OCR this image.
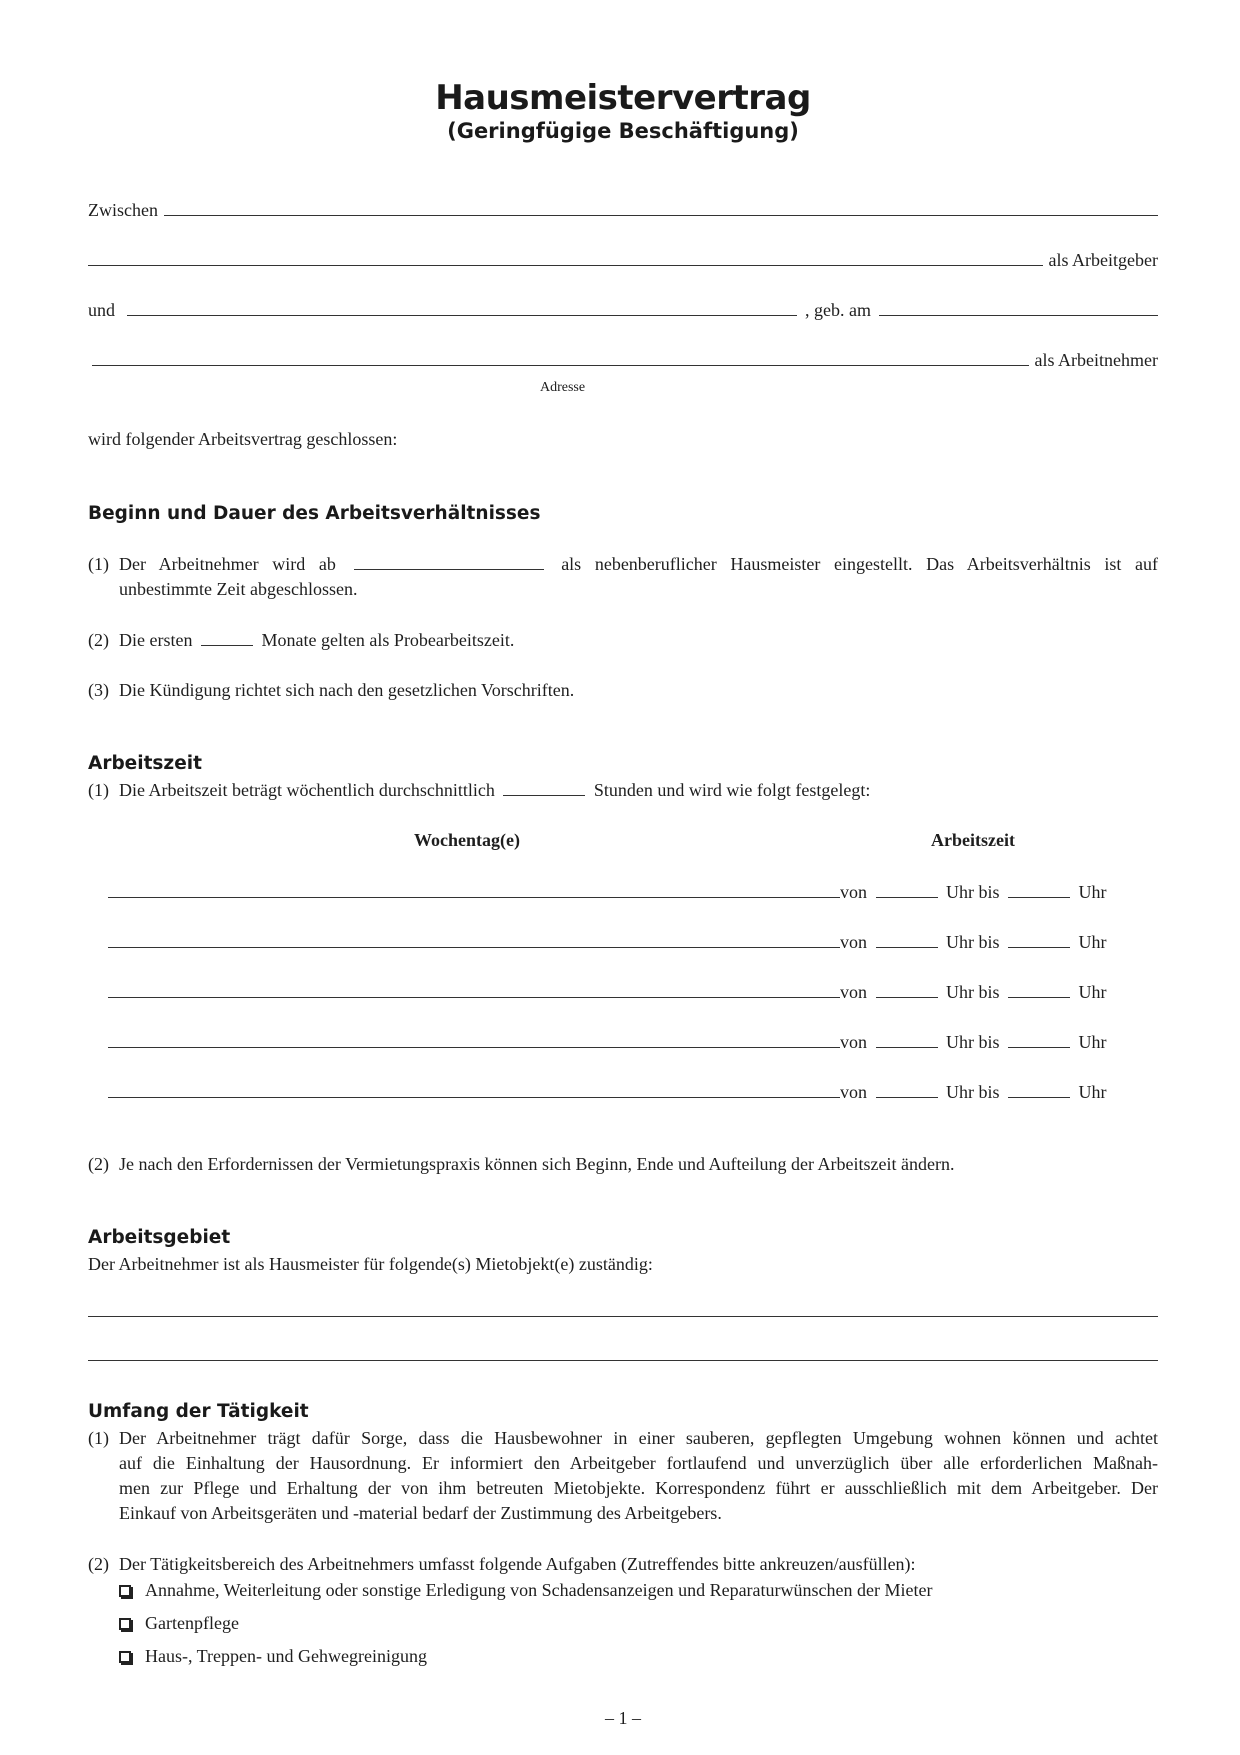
Hausmeistervertrag
(Geringfügige Beschäftigung)
Zwischen
als Arbeitgeber
und	, geb. am
als Arbeitnehmer
Adresse
wird folgender Arbeitsvertrag geschlossen:
Beginn und Dauer des Arbeitsverhältnisses
(1) Der Arbeitnehmer wird ab	als nebenberuflicher Hausmeister eingestellt. Das Arbeitsverhältnis ist auf
unbestimmte Zeit abgeschlossen.
(2) Die ersten	Monate gelten als Probearbeitszeit.
(3) Die Kündigung richtet sich nach den gesetzlichen Vorschriften.
Arbeitszeit
(1) Die Arbeitszeit beträgt wöchentlich durchschnittlich	Stunden und wird wie folgt festgelegt:
Wochentag(e)	Arbeitszeit
von	Uhr bis	Uhr
von	Uhr bis	Uhr
von	Uhr bis	Uhr
von	Uhr bis	Uhr
von	Uhr bis	Uhr
(2) Je nach den Erfordernissen der Vermietungspraxis können sich Beginn, Ende und Aufteilung der Arbeitszeit ändern.
Arbeitsgebiet
Der Arbeitnehmer ist als Hausmeister für folgende(s) Mietobjekt(e) zuständig:
Umfang der Tätigkeit
(1) Der Arbeitnehmer trägt dafür Sorge, dass die Hausbewohner in einer sauberen, gepflegten Umgebung wohnen können und achtet
auf die Einhaltung der Hausordnung. Er informiert den Arbeitgeber fortlaufend und unverzüglich über alle erforderlichen Maßnah-
men zur Pflege und Erhaltung der von ihm betreuten Mietobjekte. Korrespondenz führt er ausschließlich mit dem Arbeitgeber. Der
Einkauf von Arbeitsgeräten und -material bedarf der Zustimmung des Arbeitgebers.
(2) Der Tätigkeitsbereich des Arbeitnehmers umfasst folgende Aufgaben (Zutreffendes bitte ankreuzen/ausfüllen):
Annahme, Weiterleitung oder sonstige Erledigung von Schadensanzeigen und Reparaturwünschen der Mieter
Gartenpflege
Haus-, Treppen- und Gehwegreinigung
– 1 –
